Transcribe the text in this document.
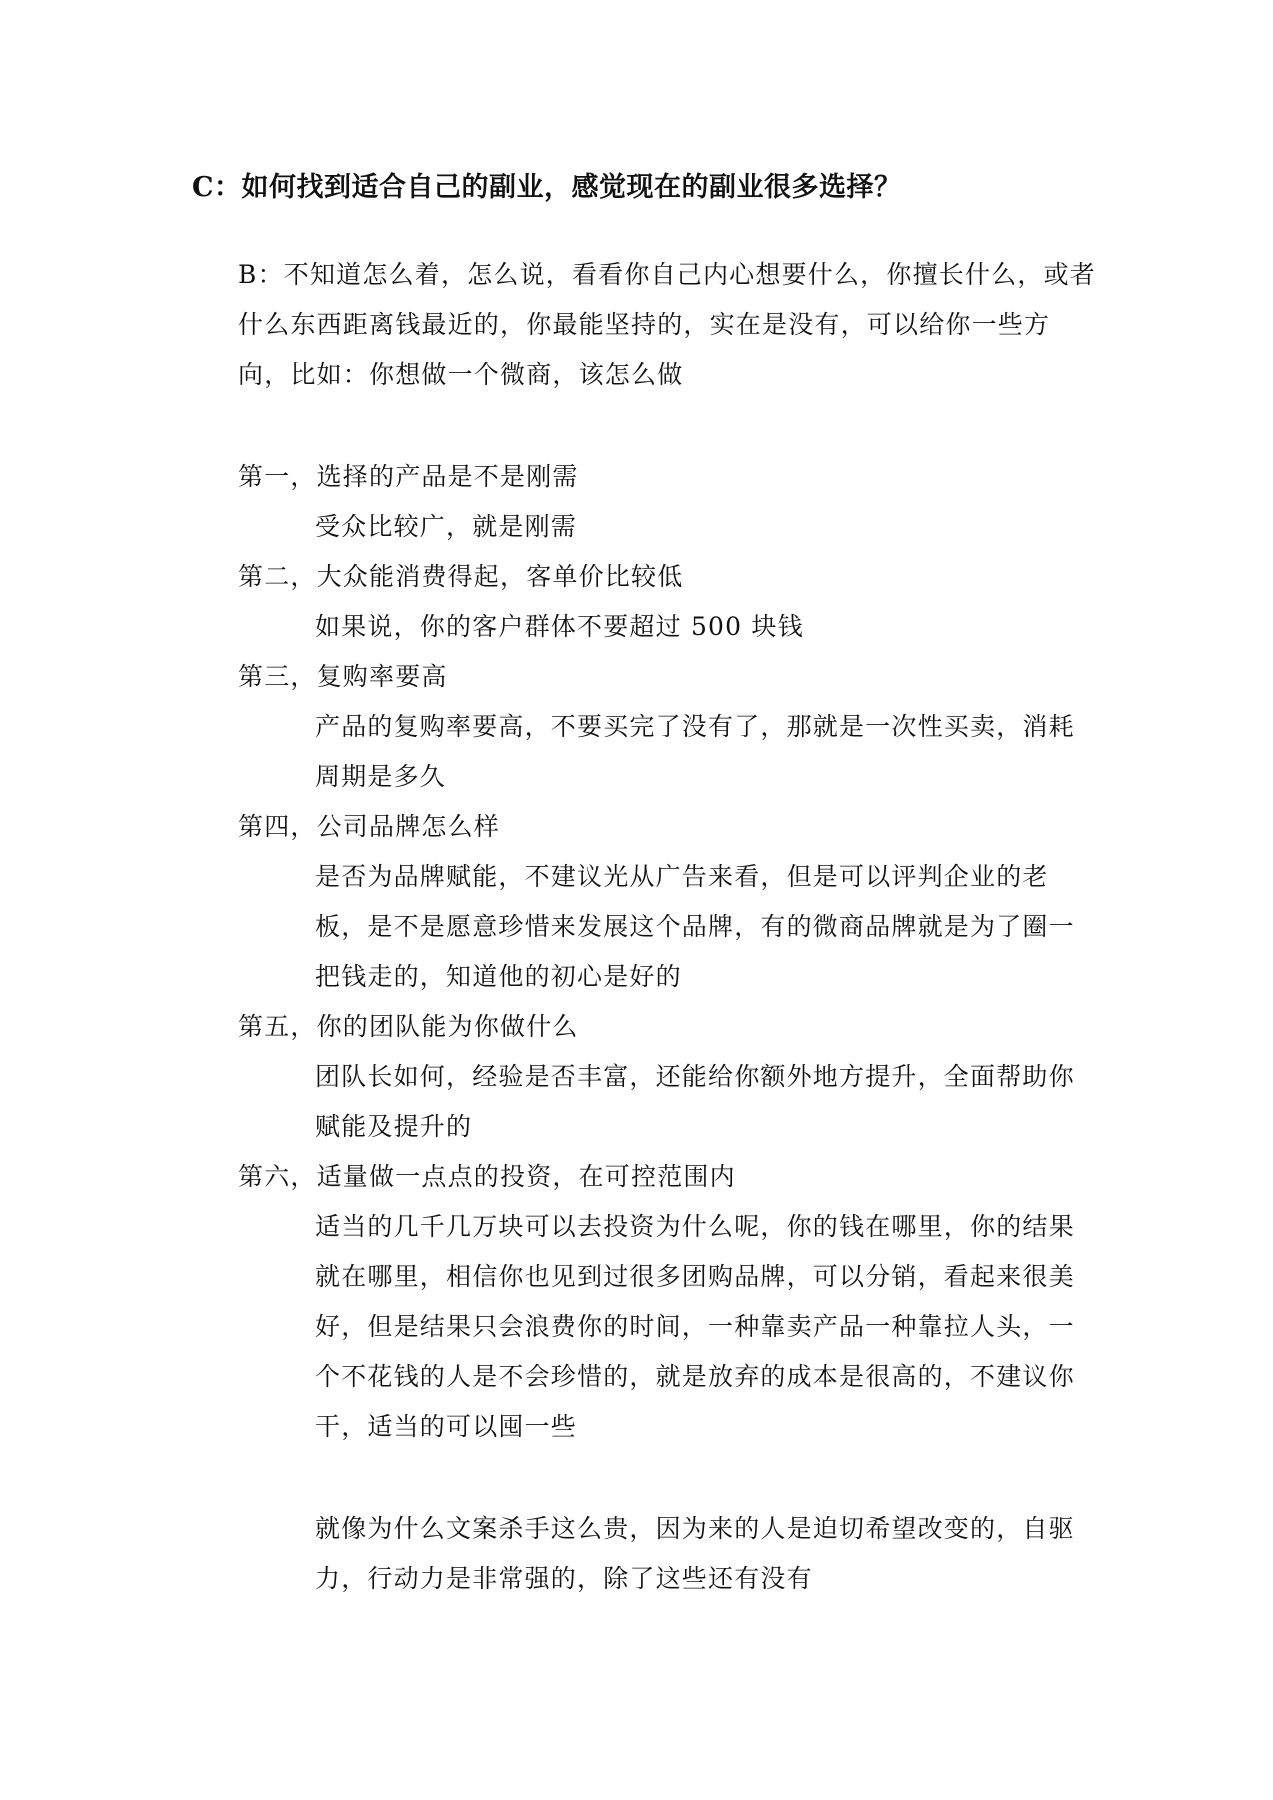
C：如何找到适合自己的副业，感觉现在的副业很多选择？
B：不知道怎么着，怎么说，看看你自己内心想要什么，你擅长什么，或者
什么东西距离钱最近的，你最能坚持的，实在是没有，可以给你一些方
向，比如：你想做一个微商，该怎么做
第一，选择的产品是不是刚需
受众比较广，就是刚需
第二，大众能消费得起，客单价比较低
如果说，你的客户群体不要超过 500 块钱
第三，复购率要高
产品的复购率要高，不要买完了没有了，那就是一次性买卖，消耗
周期是多久
第四，公司品牌怎么样
是否为品牌赋能，不建议光从广告来看，但是可以评判企业的老
板，是不是愿意珍惜来发展这个品牌，有的微商品牌就是为了圈一
把钱走的，知道他的初心是好的
第五，你的团队能为你做什么
团队长如何，经验是否丰富，还能给你额外地方提升，全面帮助你
赋能及提升的
第六，适量做一点点的投资，在可控范围内
适当的几千几万块可以去投资为什么呢，你的钱在哪里，你的结果
就在哪里，相信你也见到过很多团购品牌，可以分销，看起来很美
好，但是结果只会浪费你的时间，一种靠卖产品一种靠拉人头，一
个不花钱的人是不会珍惜的，就是放弃的成本是很高的，不建议你
干，适当的可以囤一些
就像为什么文案杀手这么贵，因为来的人是迫切希望改变的，自驱
力，行动力是非常强的，除了这些还有没有
